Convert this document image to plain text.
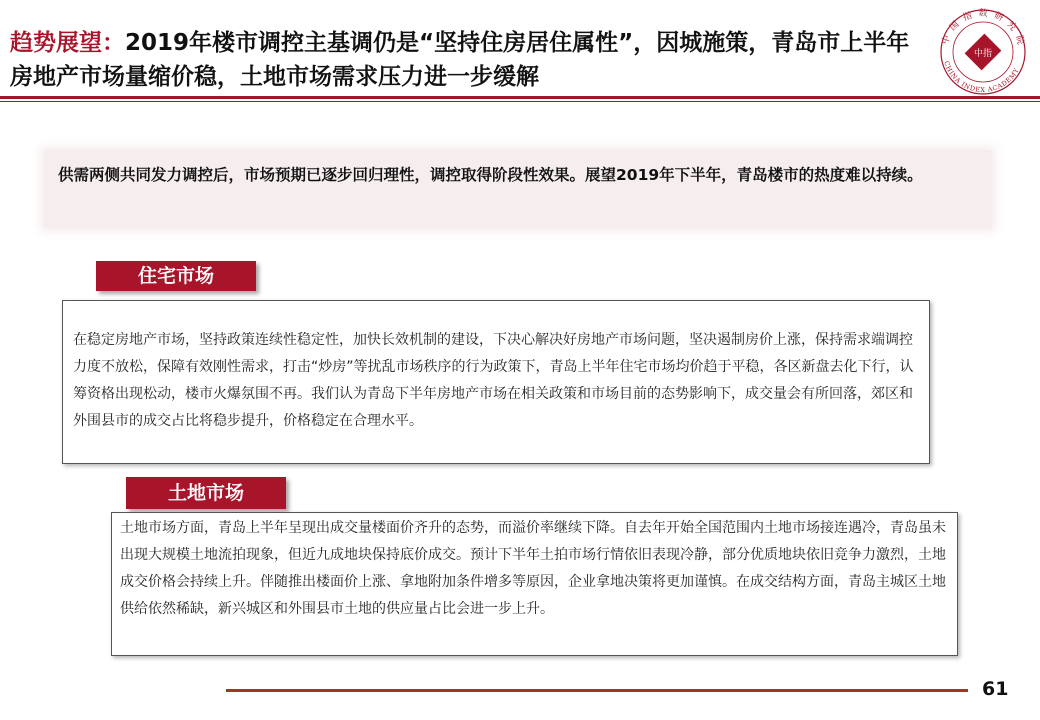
趋势展望：2019年楼市调控主基调仍是“坚持住房居住属性”，因城施策，青岛市上半年房地产市场量缩价稳，土地市场需求压力进一步缓解
中国指数研究院
CHINA INDEX ACADEMY
中指

供需两侧共同发力调控后，市场预期已逐步回归理性，调控取得阶段性效果。展望2019年下半年，青岛楼市的热度难以持续。

住宅市场

在稳定房地产市场，坚持政策连续性稳定性，加快长效机制的建设，下决心解决好房地产市场问题，坚决遏制房价上涨，保持需求端调控力度不放松，保障有效刚性需求，打击“炒房”等扰乱市场秩序的行为政策下，青岛上半年住宅市场均价趋于平稳，各区新盘去化下行，认筹资格出现松动，楼市火爆氛围不再。我们认为青岛下半年房地产市场在相关政策和市场目前的态势影响下，成交量会有所回落，郊区和外围县市的成交占比将稳步提升，价格稳定在合理水平。

土地市场

土地市场方面，青岛上半年呈现出成交量楼面价齐升的态势，而溢价率继续下降。自去年开始全国范围内土地市场接连遇冷，青岛虽未出现大规模土地流拍现象，但近九成地块保持底价成交。预计下半年土拍市场行情依旧表现冷静，部分优质地块依旧竞争力激烈，土地成交价格会持续上升。伴随推出楼面价上涨、拿地附加条件增多等原因，企业拿地决策将更加谨慎。在成交结构方面，青岛主城区土地供给依然稀缺，新兴城区和外围县市土地的供应量占比会进一步上升。

61
